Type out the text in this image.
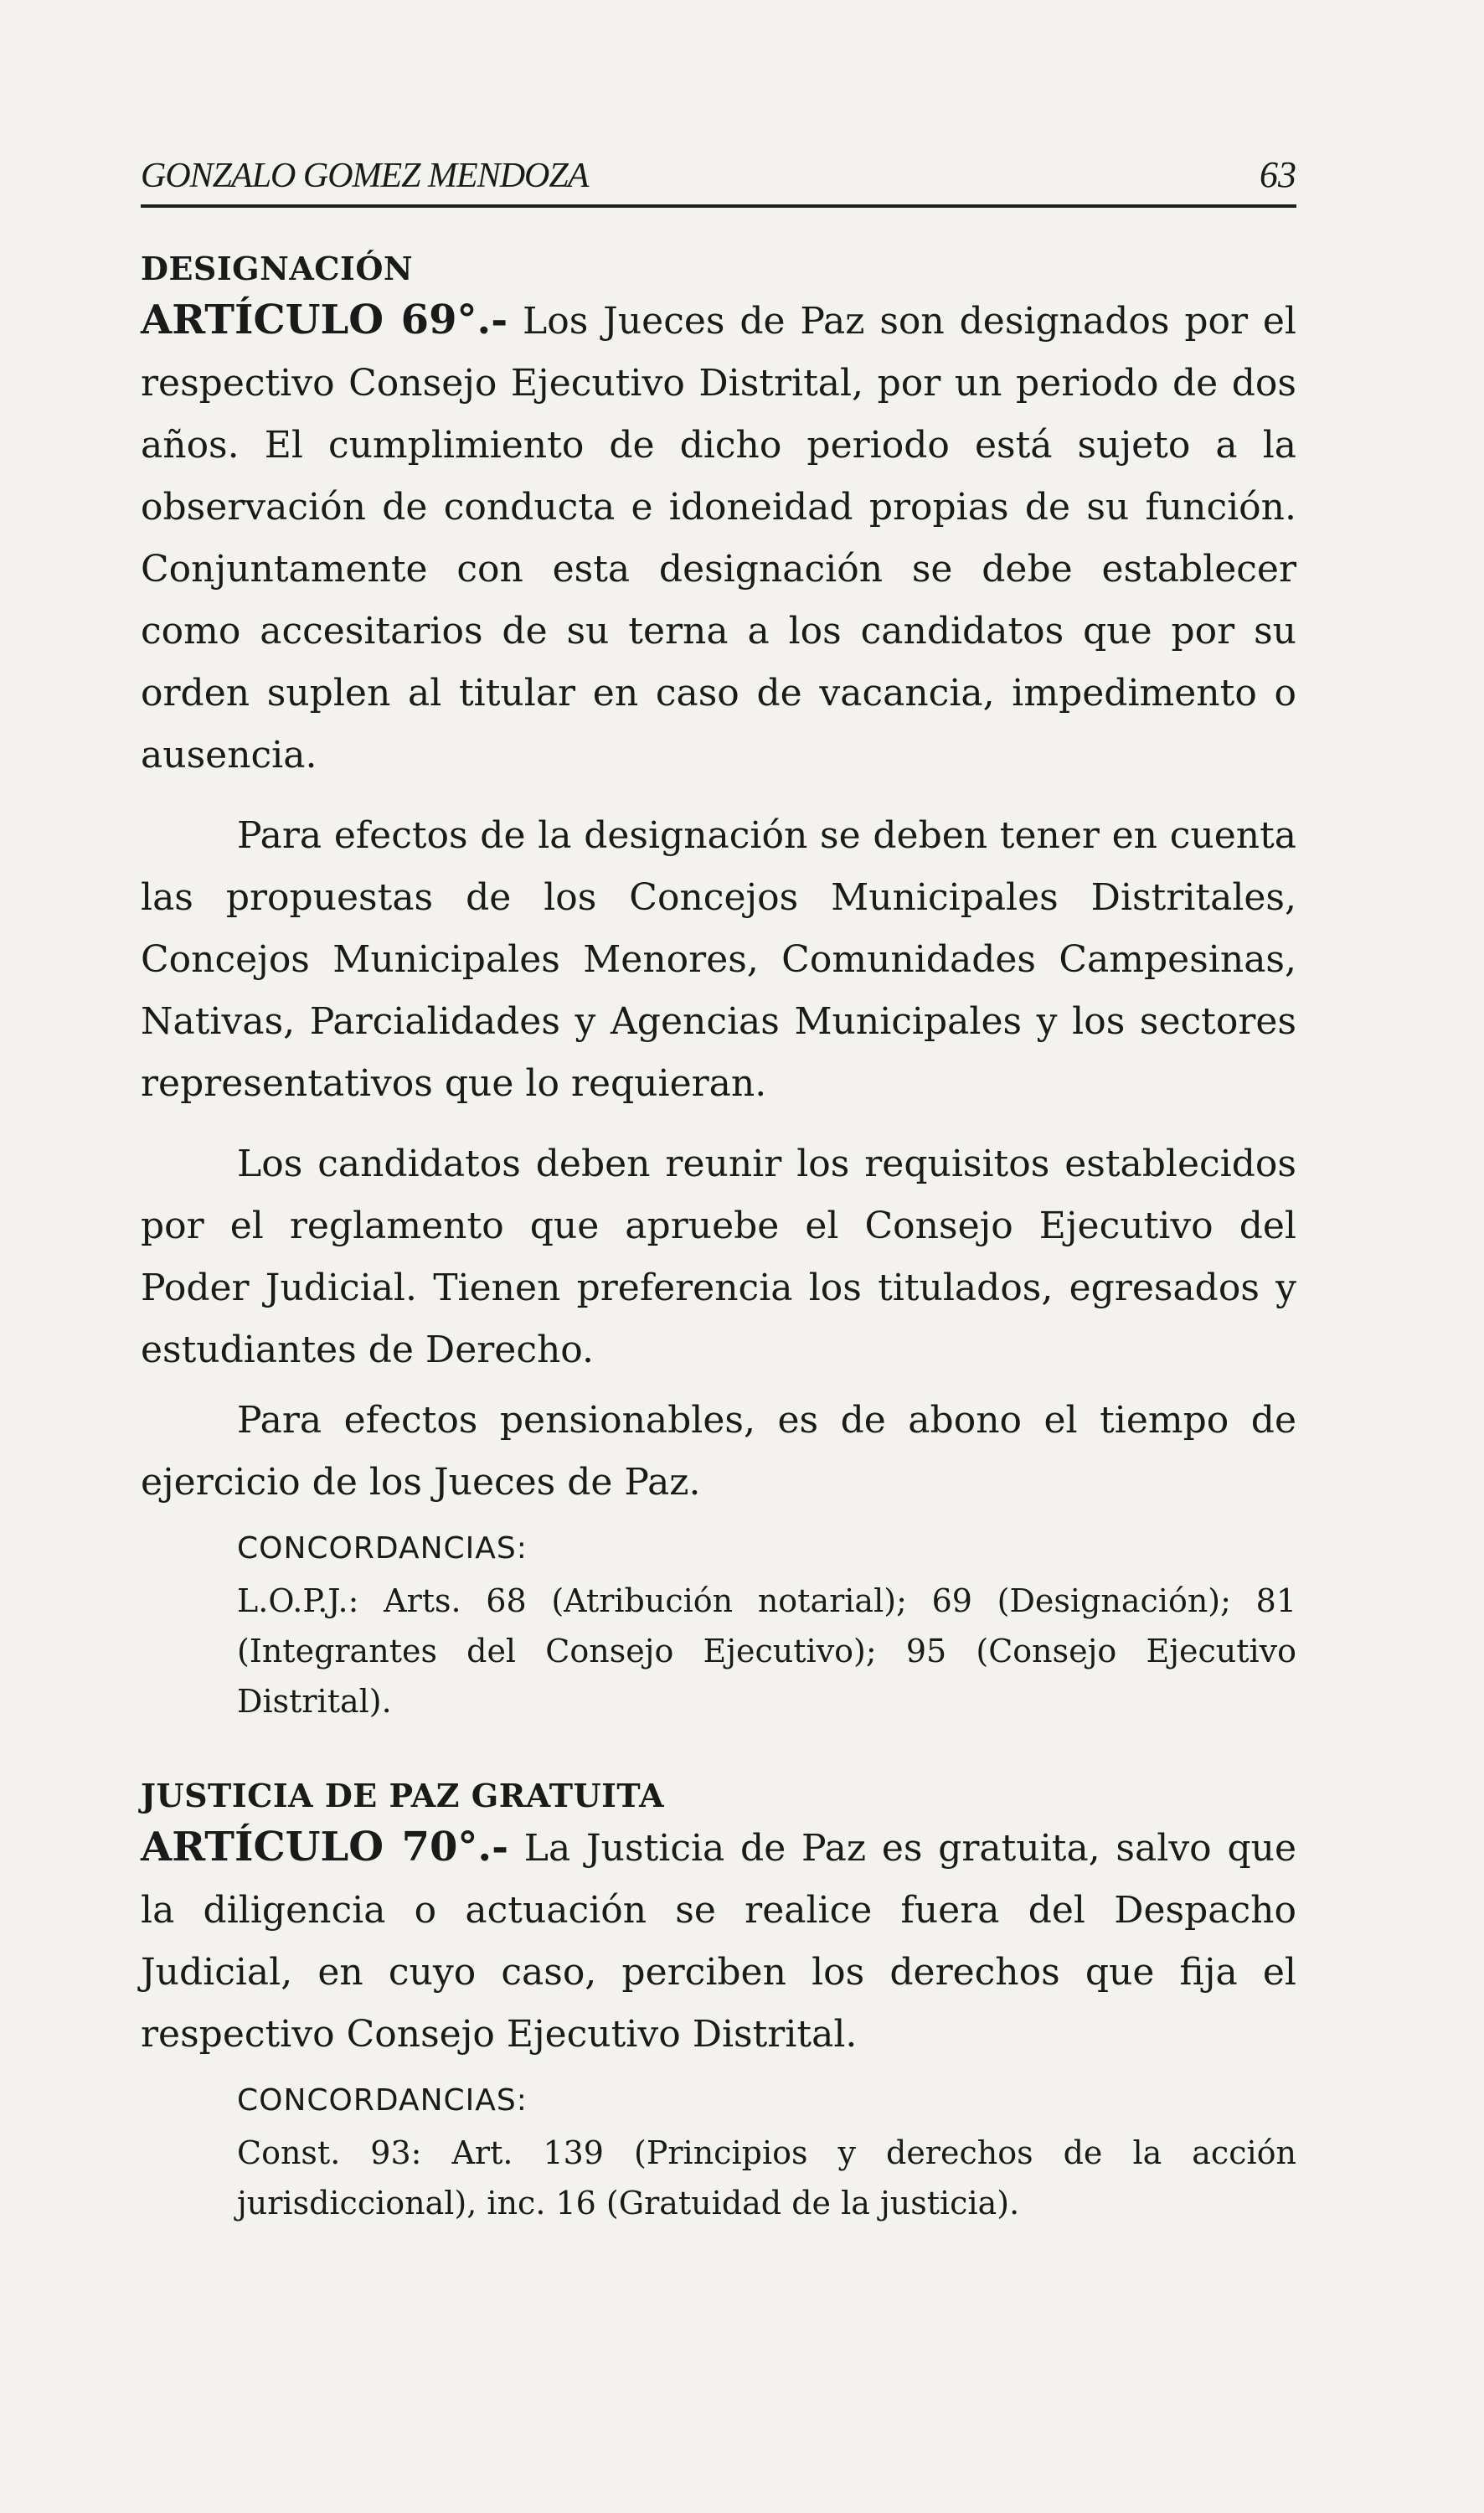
GONZALO GOMEZ MENDOZA	63
DESIGNACIÓN

ARTÍCULO 69°.- Los Jueces de Paz son designados por el respectivo Consejo Ejecutivo Distrital, por un periodo de dos años. El cumplimiento de dicho periodo está sujeto a la observación de conducta e idoneidad propias de su función. Conjuntamente con esta designación se debe establecer como accesitarios de su terna a los candidatos que por su orden suplen al titular en caso de vacancia, impedimento o ausencia.

Para efectos de la designación se deben tener en cuenta las propuestas de los Concejos Municipales Distritales, Concejos Municipales Menores, Comunidades Campesinas, Nativas, Parcialidades y Agencias Municipales y los sectores representativos que lo requieran.

Los candidatos deben reunir los requisitos establecidos por el reglamento que apruebe el Consejo Ejecutivo del Poder Judicial. Tienen preferencia los titulados, egresados y estudiantes de Derecho.

Para efectos pensionables, es de abono el tiempo de ejercicio de los Jueces de Paz.

CONCORDANCIAS:
L.O.P.J.: Arts. 68 (Atribución notarial); 69 (Designación); 81 (Integrantes del Consejo Ejecutivo); 95 (Consejo Ejecutivo Distrital).
JUSTICIA DE PAZ GRATUITA

ARTÍCULO 70°.- La Justicia de Paz es gratuita, salvo que la diligencia o actuación se realice fuera del Despacho Judicial, en cuyo caso, perciben los derechos que fija el respectivo Consejo Ejecutivo Distrital.

CONCORDANCIAS:
Const. 93: Art. 139 (Principios y derechos de la acción jurisdiccional), inc. 16 (Gratuidad de la justicia).
